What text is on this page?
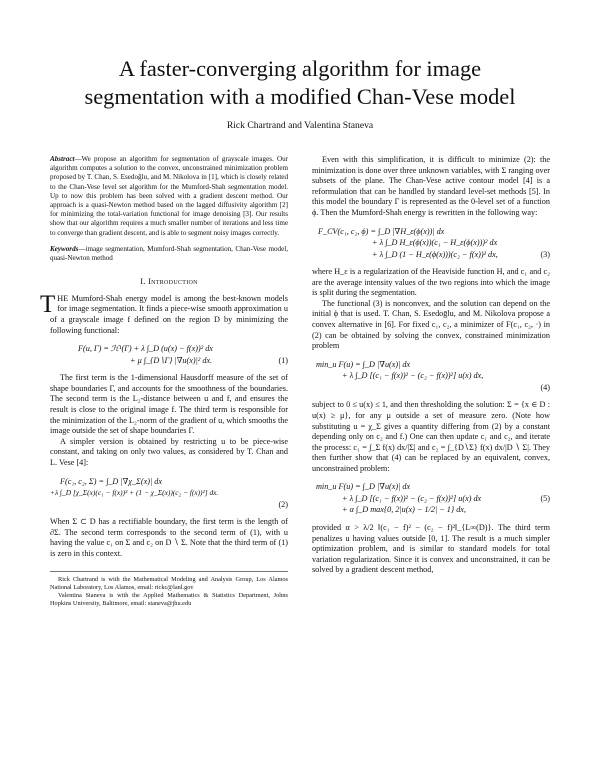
A faster-converging algorithm for image
segmentation with a modified Chan-Vese model
Rick Chartrand and Valentina Staneva
Abstract—We propose an algorithm for segmentation of grayscale images. Our algorithm computes a solution to the convex, unconstrained minimization problem proposed by T. Chan, S. Esedoḡlu, and M. Nikolova in [1], which is closely related to the Chan-Vese level set algorithm for the Mumford-Shah segmentation model. Up to now this problem has been solved with a gradient descent method. Our approach is a quasi-Newton method based on the lagged diffusivity algorithm [2] for minimizing the total-variation functional for image denoising [3]. Our results show that our algorithm requires a much smaller number of iterations and less time to converge than gradient descent, and is able to segment noisy images correctly.
Keywords—image segmentation, Mumford-Shah segmentation, Chan-Vese model, quasi-Newton method
I. Introduction

THE Mumford-Shah energy model is among the best-known models for image segmentation. It finds a piece-wise smooth approximation u of a grayscale image f defined on the region D by minimizing the following functional:

F(u, Γ) = ℋ¹(Γ) + λ ∫_D (u(x) − f(x))² dx
+ μ ∫_{D∖Γ} |∇u(x)|² dx.	(1)

The first term is the 1-dimensional Hausdorff measure of the set of shape boundaries Γ, and accounts for the smoothness of the boundaries. The second term is the L₂-distance between u and f, and ensures the result is close to the original image f. The third term is responsible for the minimization of the L₂-norm of the gradient of u, which smooths the image outside the set of shape boundaries Γ.

A simpler version is obtained by restricting u to be piece-wise constant, and taking on only two values, as considered by T. Chan and L. Vese [4]:

F(c₁, c₂, Σ) = ∫_D |∇χ_Σ(x)| dx
+λ ∫_D [χ_Σ(x)(c₁ − f(x))² + (1 − χ_Σ(x))(c₂ − f(x))²] dx.
(2)

When Σ ⊂ D has a rectifiable boundary, the first term is the length of ∂Σ. The second term corresponds to the second term of (1), with u having the value c₁ on Σ and c₂ on D ∖ Σ. Note that the third term of (1) is zero in this context.

Rick Chartrand is with the Mathematical Modeling and Analysis Group, Los Alamos National Laboratory, Los Alamos, email: rickc@lanl.gov
Valentina Staneva is with the Applied Mathematics & Statistics Department, Johns Hopkins University, Baltimore, email: staneva@jhu.edu

Even with this simplification, it is difficult to minimize (2): the minimization is done over three unknown variables, with Σ ranging over subsets of the plane. The Chan-Vese active contour model [4] is a reformulation that can be handled by standard level-set methods [5]. In this model the boundary Γ is represented as the 0-level set of a function ϕ. Then the Mumford-Shah energy is rewritten in the following way:

F_CV(c₁, c₂, ϕ) = ∫_D |∇H_ε(ϕ(x))| dx
+ λ ∫_D H_ε(ϕ(x))(c₁ − H_ε(ϕ(x)))² dx
+ λ ∫_D (1 − H_ε(ϕ(x)))(c₂ − f(x))² dx,	(3)

where H_ε is a regularization of the Heaviside function H, and c₁ and c₂ are the average intensity values of the two regions into which the image is split during the segmentation.

The functional (3) is nonconvex, and the solution can depend on the initial ϕ that is used. T. Chan, S. Esedoḡlu, and M. Nikolova propose a convex alternative in [6]. For fixed c₁, c₂, a minimizer of F(c₁, c₂, ·) in (2) can be obtained by solving the convex, constrained minimization problem

min_u F(u) = ∫_D |∇u(x)| dx
+ λ ∫_D [(c₁ − f(x))² − (c₂ − f(x))²] u(x) dx,
(4)

subject to 0 ≤ u(x) ≤ 1, and then thresholding the solution: Σ = {x ∈ D : u(x) ≥ μ}, for any μ outside a set of measure zero. (Note how substituting u = χ_Σ gives a quantity differing from (2) by a constant depending only on c₂ and f.) One can then update c₁ and c₂, and iterate the process: c₁ = ∫_Σ f(x) dx/|Σ| and c₂ = ∫_{D∖Σ} f(x) dx/|D ∖ Σ|. They then further show that (4) can be replaced by an equivalent, convex, unconstrained problem:

min_u F(u) = ∫_D |∇u(x)| dx
+ λ ∫_D [(c₁ − f(x))² − (c₂ − f(x))²] u(x) dx	(5)
+ α ∫_D max{0, 2|u(x) − 1/2| − 1} dx,

provided α > λ/2 ‖(c₁ − f)² − (c₂ − f)²‖_{L∞(D)}. The third term penalizes u having values outside [0, 1]. The result is a much simpler optimization problem, and is similar to standard models for total variation regularization. Since it is convex and unconstrained, it can be solved by a gradient descent method,
